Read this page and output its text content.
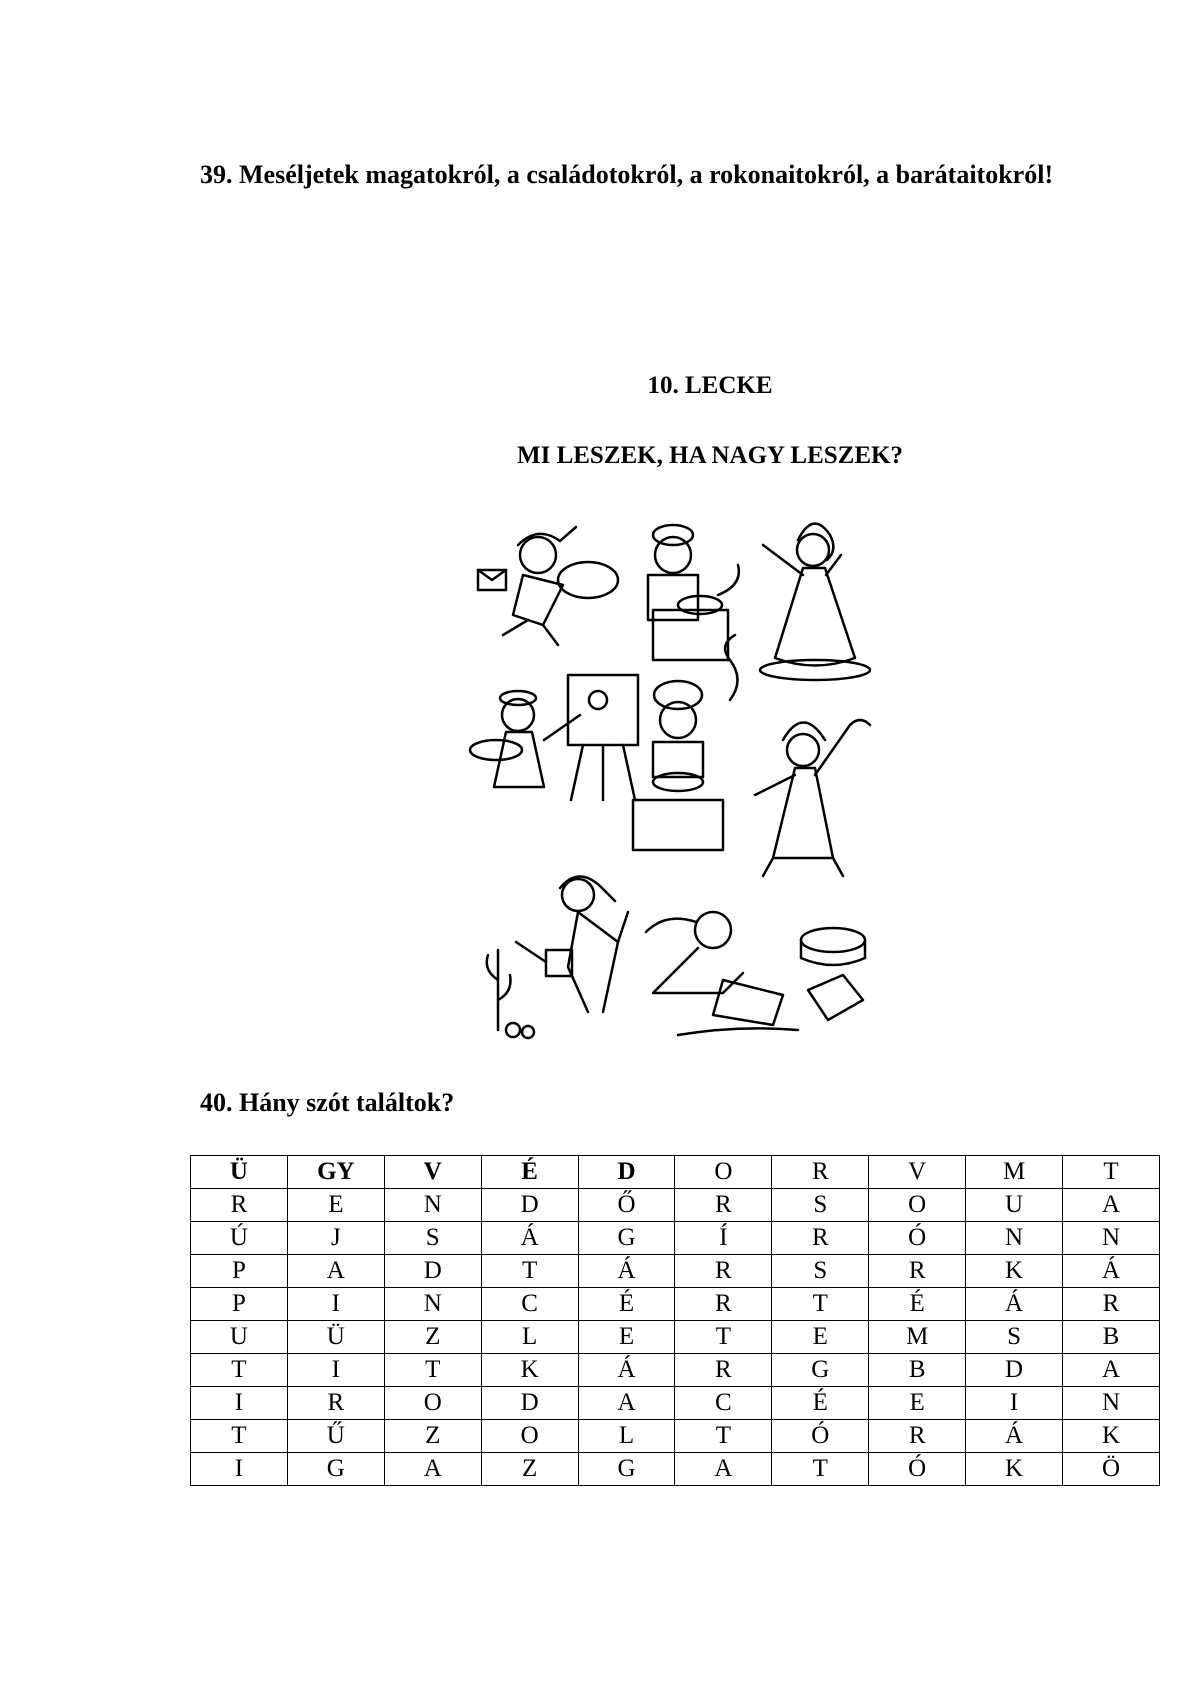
39. Meséljetek magatokról, a családotokról, a rokonaitokról, a barátaitokról!

10. LECKE

MI LESZEK, HA NAGY LESZEK?

40. Hány szót találtok?

Ü	GY	V	É	D	O	R	V	M	T
R	E	N	D	Ő	R	S	O	U	A
Ú	J	S	Á	G	Í	R	Ó	N	N
P	A	D	T	Á	R	S	R	K	Á
P	I	N	C	É	R	T	É	Á	R
U	Ü	Z	L	E	T	E	M	S	B
T	I	T	K	Á	R	G	B	D	A
I	R	O	D	A	C	É	E	I	N
T	Ű	Z	O	L	T	Ó	R	Á	K
I	G	A	Z	G	A	T	Ó	K	Ö
